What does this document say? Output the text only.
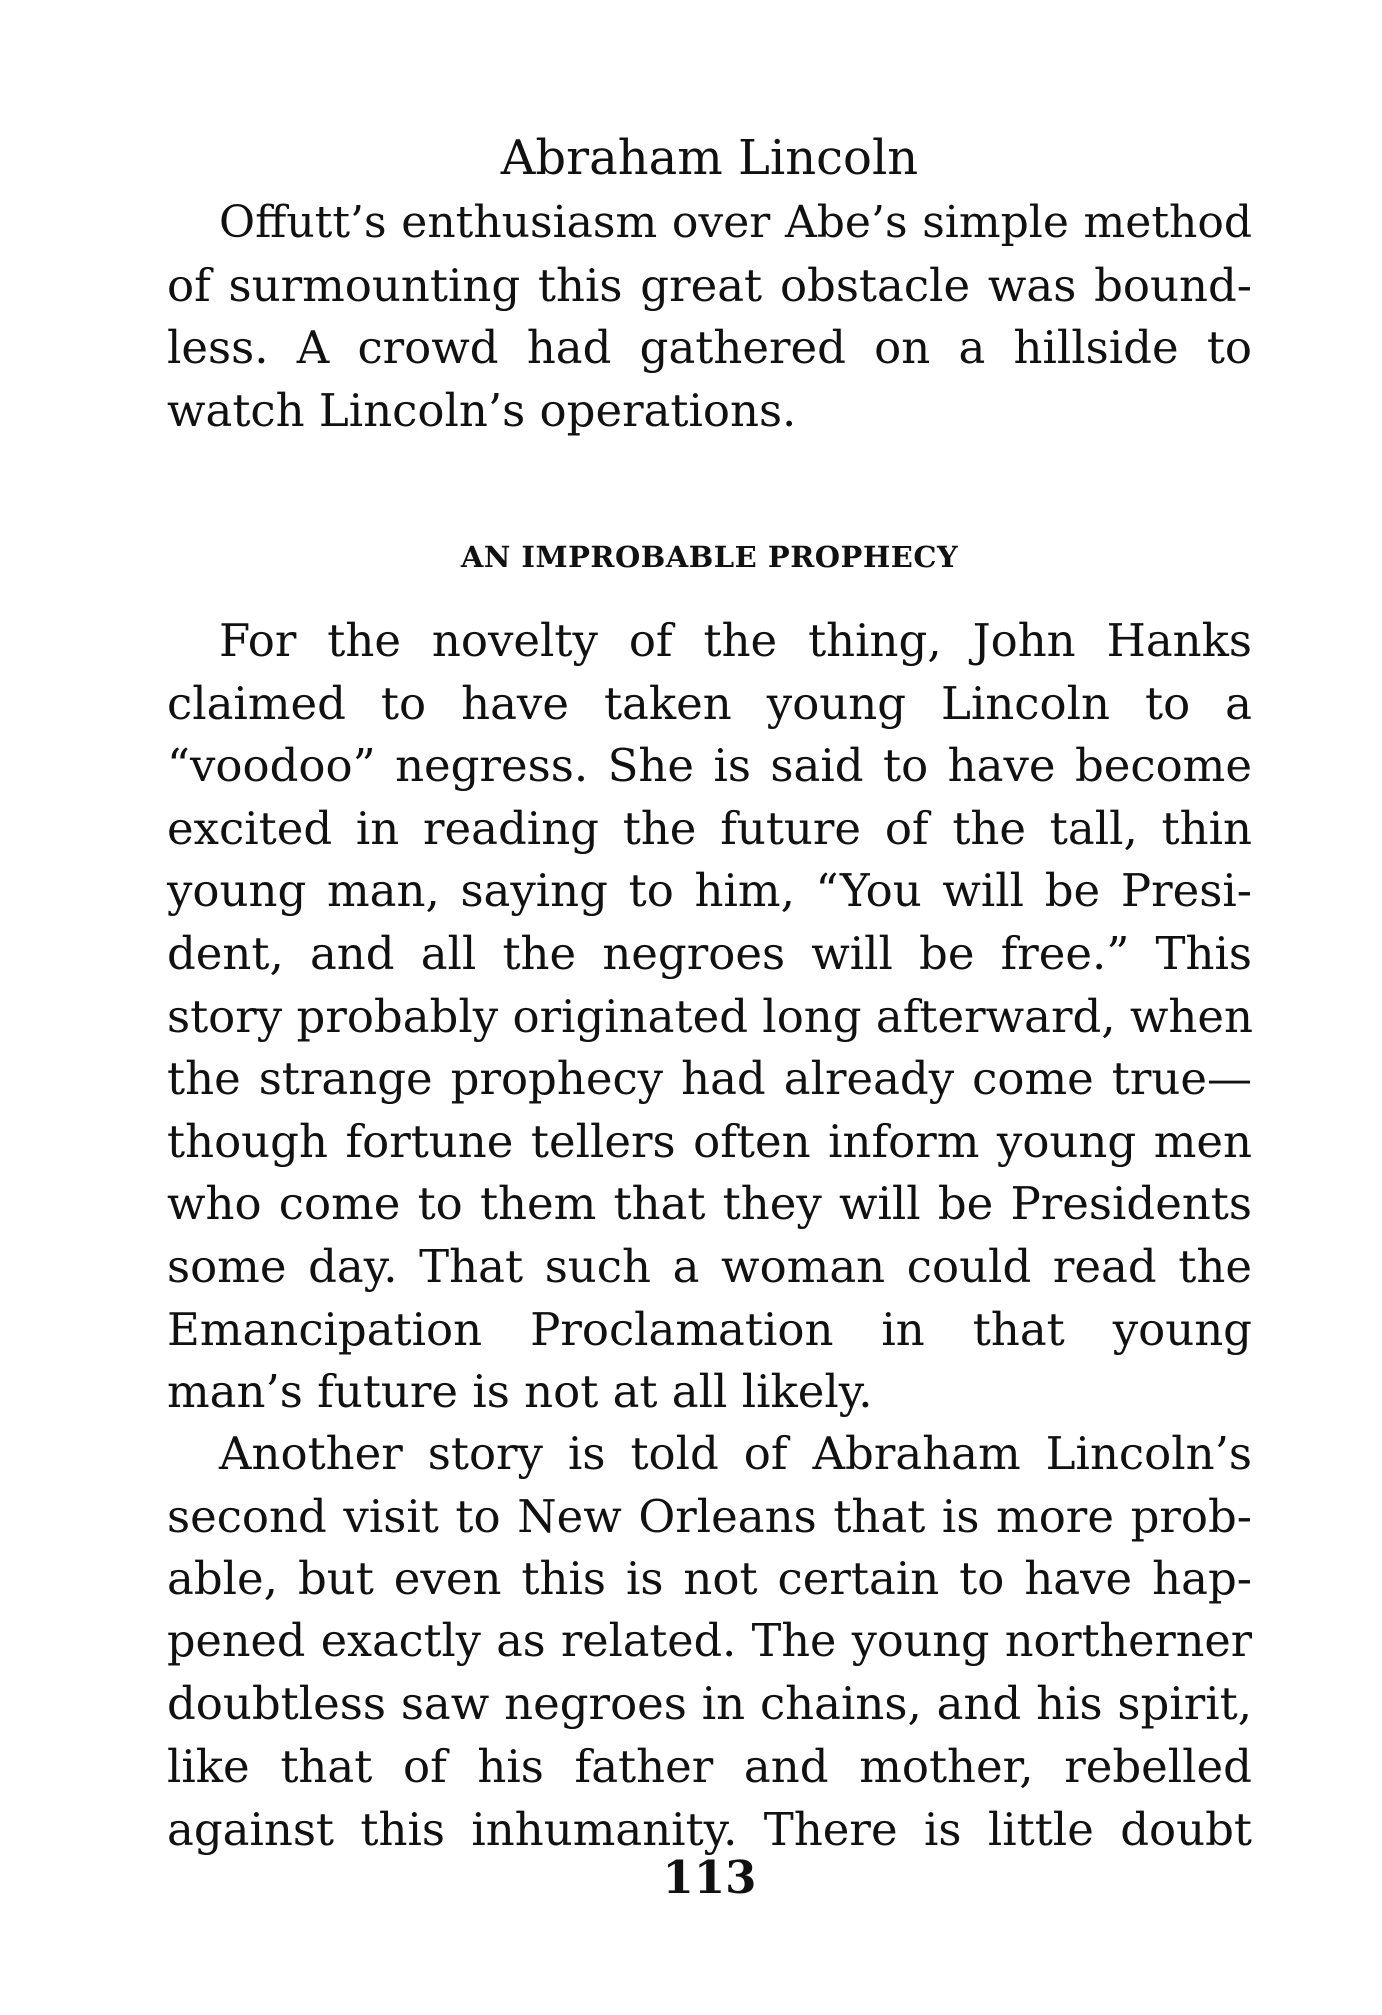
Abraham Lincoln
Offutt’s enthusiasm over Abe’s simple method
of surmounting this great obstacle was bound-
less. A crowd had gathered on a hillside to
watch Lincoln’s operations.
AN IMPROBABLE PROPHECY
For the novelty of the thing, John Hanks
claimed to have taken young Lincoln to a
“voodoo” negress. She is said to have become
excited in reading the future of the tall, thin
young man, saying to him, “You will be Presi-
dent, and all the negroes will be free.” This
story probably originated long afterward, when
the strange prophecy had already come true—
though fortune tellers often inform young men
who come to them that they will be Presidents
some day. That such a woman could read the
Emancipation Proclamation in that young
man’s future is not at all likely.
Another story is told of Abraham Lincoln’s
second visit to New Orleans that is more prob-
able, but even this is not certain to have hap-
pened exactly as related. The young northerner
doubtless saw negroes in chains, and his spirit,
like that of his father and mother, rebelled
against this inhumanity. There is little doubt
113
